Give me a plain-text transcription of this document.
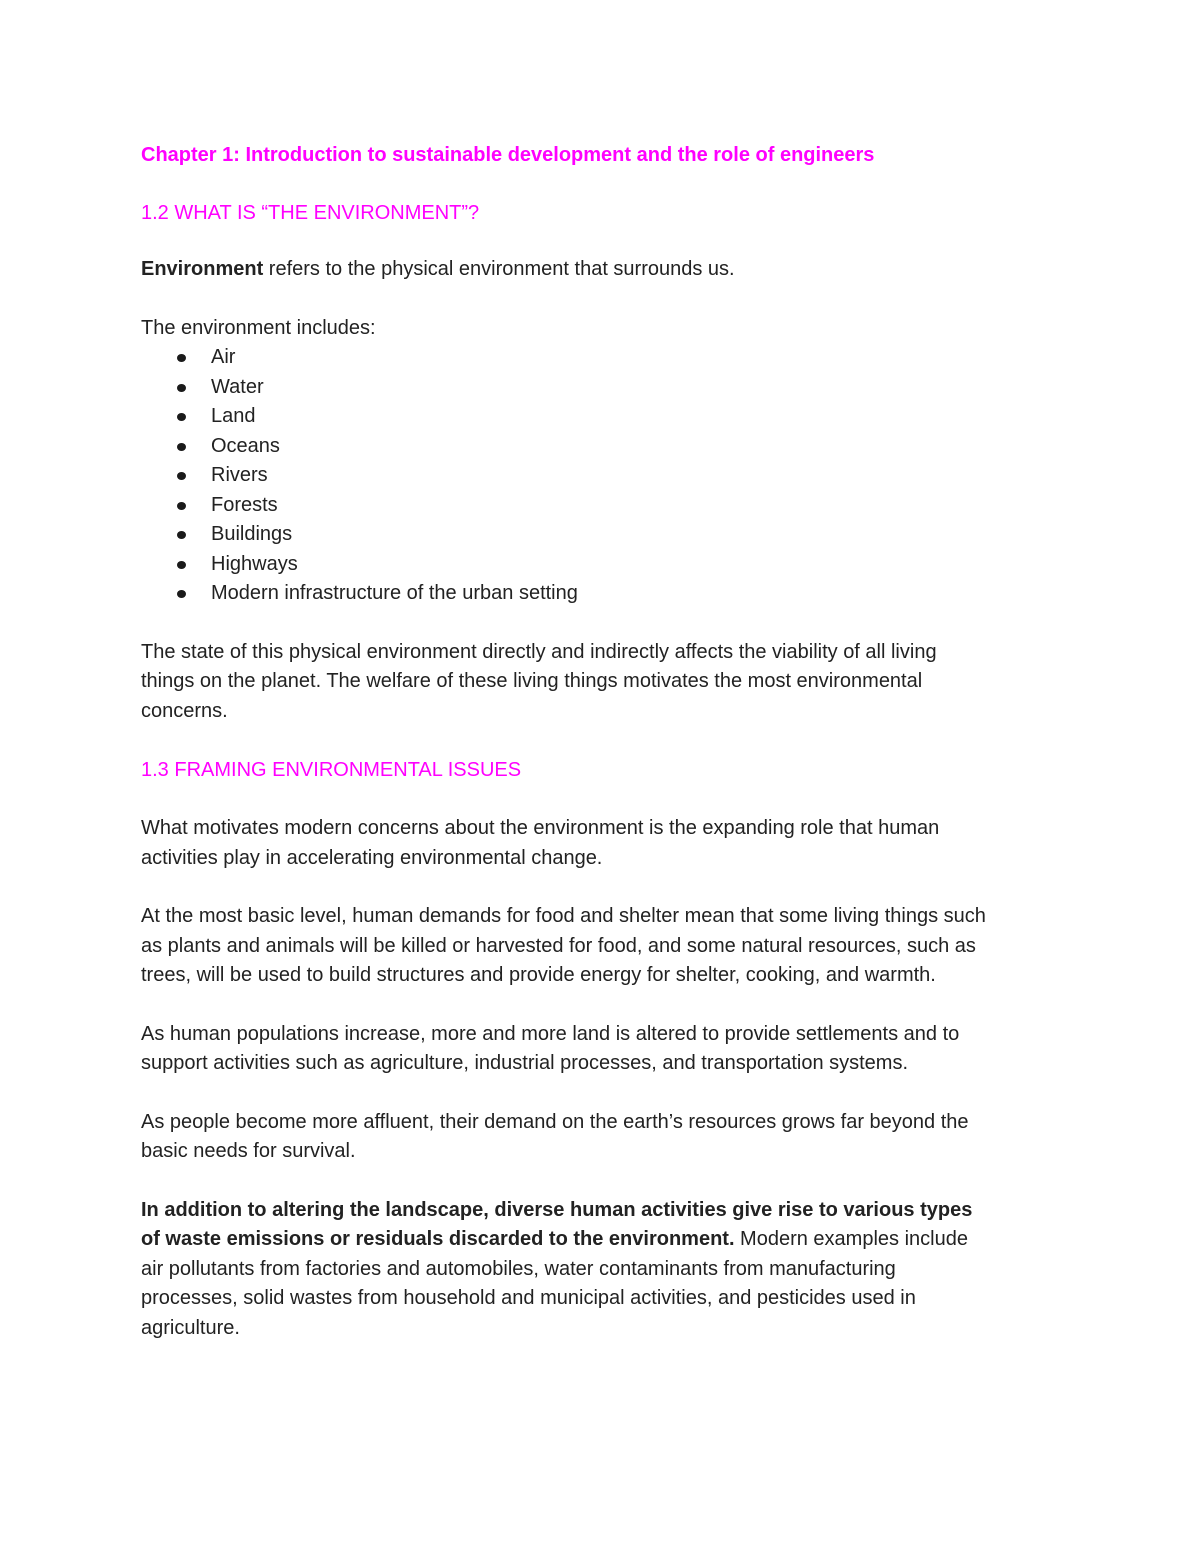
Chapter 1: Introduction to sustainable development and the role of engineers
1.2 WHAT IS “THE ENVIRONMENT”?

Environment refers to the physical environment that surrounds us.

The environment includes:

Air
Water
Land
Oceans
Rivers
Forests
Buildings
Highways
Modern infrastructure of the urban setting

The state of this physical environment directly and indirectly affects the viability of all living
things on the planet. The welfare of these living things motivates the most environmental
concerns.

1.3 FRAMING ENVIRONMENTAL ISSUES

What motivates modern concerns about the environment is the expanding role that human
activities play in accelerating environmental change.

At the most basic level, human demands for food and shelter mean that some living things such
as plants and animals will be killed or harvested for food, and some natural resources, such as
trees, will be used to build structures and provide energy for shelter, cooking, and warmth.

As human populations increase, more and more land is altered to provide settlements and to
support activities such as agriculture, industrial processes, and transportation systems.

As people become more affluent, their demand on the earth’s resources grows far beyond the
basic needs for survival.

In addition to altering the landscape, diverse human activities give rise to various types
of waste emissions or residuals discarded to the environment. Modern examples include
air pollutants from factories and automobiles, water contaminants from manufacturing
processes, solid wastes from household and municipal activities, and pesticides used in
agriculture.
